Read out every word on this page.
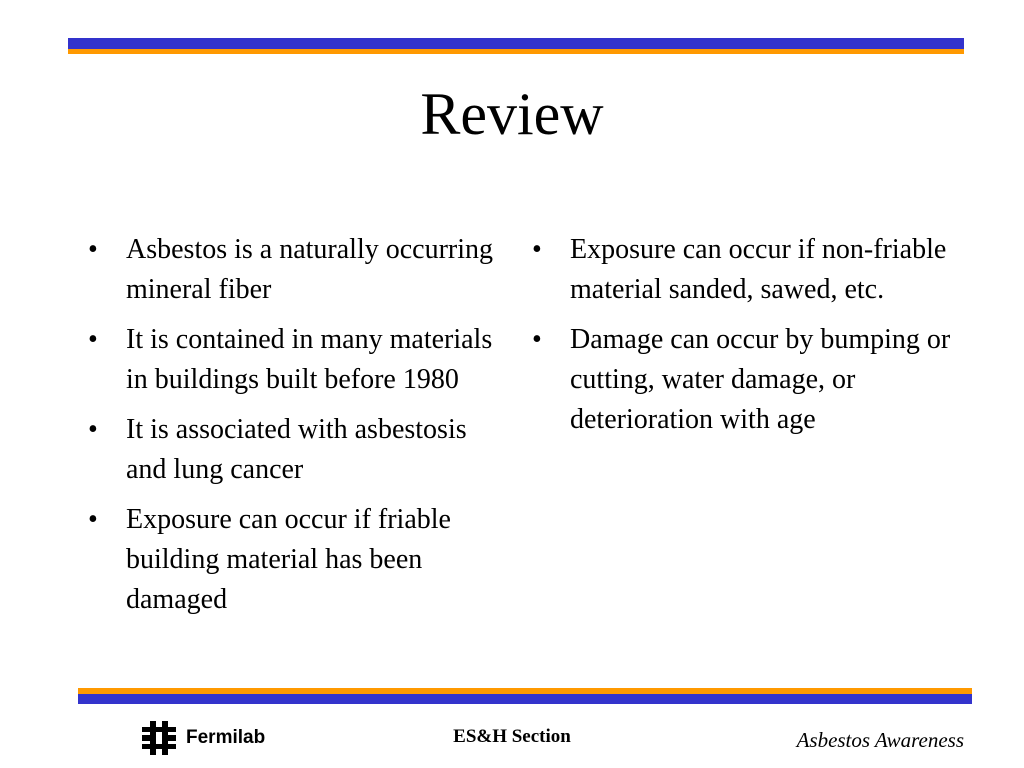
Review
•	Asbestos is a naturally occurring mineral fiber
•	It is contained in many materials in buildings built before 1980
•	It is associated with asbestosis and lung cancer
•	Exposure can occur if friable building material has been damaged
•	Exposure can occur if non-friable material sanded, sawed, etc.
•	Damage can occur by bumping or cutting, water damage, or deterioration with age
Fermilab	ES&H Section	Asbestos Awareness
